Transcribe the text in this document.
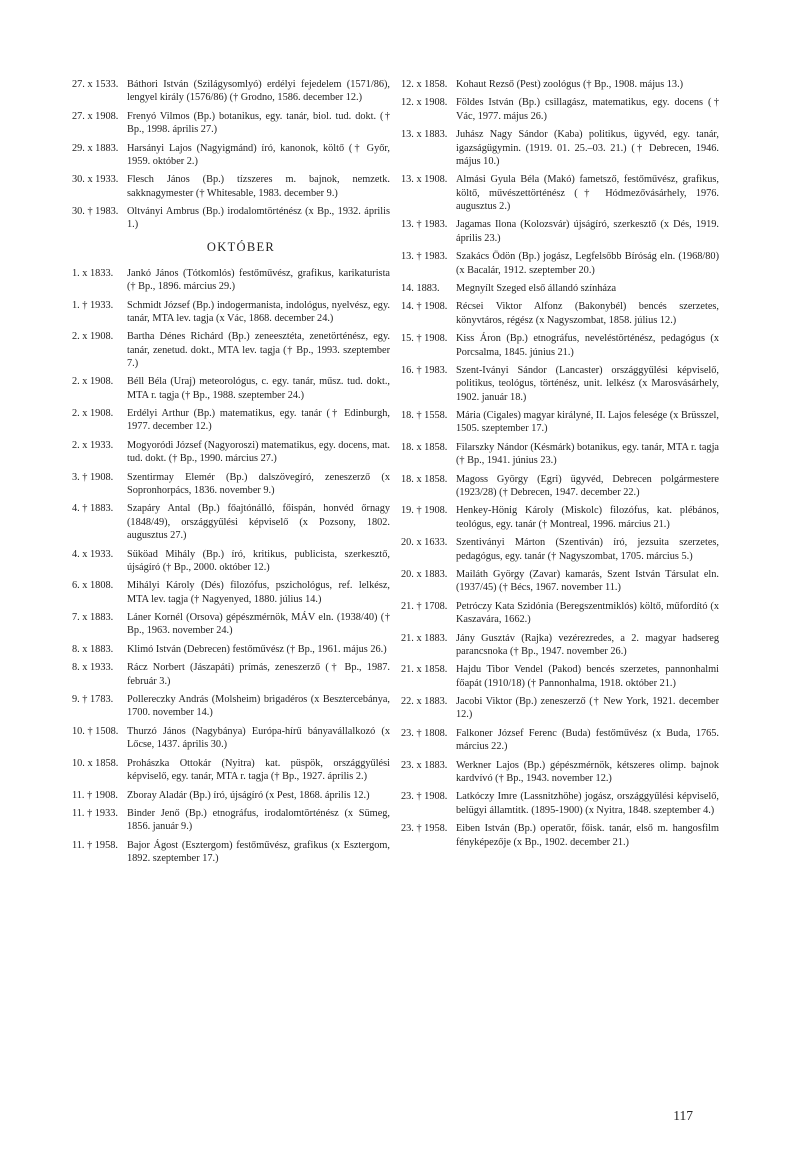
27. x 1533. Báthori István (Szilágysomlyó) erdélyi fejedelem (1571/86), lengyel király (1576/86) († Grodno, 1586. december 12.)
27. x 1908. Frenyó Vilmos (Bp.) botanikus, egy. tanár, biol. tud. dokt. († Bp., 1998. április 27.)
29. x 1883. Harsányi Lajos (Nagyigmánd) író, kanonok, költő († Győr, 1959. október 2.)
30. x 1933. Flesch János (Bp.) tízszeres m. bajnok, nemzetk. sakknagymester († Whitesable, 1983. december 9.)
30. † 1983. Oltványi Ambrus (Bp.) irodalomtörténész (x Bp., 1932. április 1.)
OKTÓBER
1. x 1833.	Jankó János (Tótkomlós) festőművész, grafikus, karikaturista († Bp., 1896. március 29.)
1. † 1933.	Schmidt József (Bp.) indogermanista, indológus, nyelvész, egy. tanár, MTA lev. tagja (x Vác, 1868. december 24.)
2. x 1908.	Bartha Dénes Richárd (Bp.) zeneesztéta, zenetörténész, egy. tanár, zenetud. dokt., MTA lev. tagja († Bp., 1993. szeptember 7.)
2. x 1908.	Béll Béla (Uraj) meteorológus, c. egy. tanár, műsz. tud. dokt., MTA r. tagja († Bp., 1988. szeptember 24.)
2. x 1908.	Erdélyi Arthur (Bp.) matematikus, egy. tanár († Edinburgh, 1977. december 12.)
2. x 1933.	Mogyoródi József (Nagyoroszi) matematikus, egy. docens, mat. tud. dokt. († Bp., 1990. március 27.)
3. † 1908.	Szentirmay Elemér (Bp.) dalszövegíró, zeneszerző (x Sopronhorpács, 1836. november 9.)
4. † 1883.	Szapáry Antal (Bp.) főajtónálló, főispán, honvéd őrnagy (1848/49), országgyűlési képviselő (x Pozsony, 1802. augusztus 27.)
4. x 1933.	Süköad Mihály (Bp.) író, kritikus, publicista, szerkesztő, újságíró († Bp., 2000. október 12.)
6. x 1808.	Mihályi Károly (Dés) filozófus, pszichológus, ref. lelkész, MTA lev. tagja († Nagyenyed, 1880. július 14.)
7. x 1883.	Láner Kornél (Orsova) gépészmérnök, MÁV eln. (1938/40) († Bp., 1963. november 24.)
8. x 1883.	Klimó István (Debrecen) festőművész († Bp., 1961. május 26.)
8. x 1933.	Rácz Norbert (Jászapáti) prímás, zeneszerző († Bp., 1987. február 3.)
9. † 1783.	Pollereczky András (Molsheim) brigadéros (x Besztercebánya, 1700. november 14.)
10. † 1508. Thurzó János (Nagybánya) Európa-hírű bányavállalkozó (x Lőcse, 1437. április 30.)
10. x 1858. Prohászka Ottokár (Nyitra) kat. püspök, országgyűlési képviselő, egy. tanár, MTA r. tagja († Bp., 1927. április 2.)
11. † 1908. Zboray Aladár (Bp.) író, újságíró (x Pest, 1868. április 12.)
11. † 1933. Binder Jenő (Bp.) etnográfus, irodalomtörténész (x Sümeg, 1856. január 9.)
11. † 1958. Bajor Ágost (Esztergom) festőművész, grafikus (x Esztergom, 1892. szeptember 17.)
12. x 1858. Kohaut Rezső (Pest) zoológus († Bp., 1908. május 13.)
12. x 1908. Földes István (Bp.) csillagász, matematikus, egy. docens († Vác, 1977. május 26.)
13. x 1883. Juhász Nagy Sándor (Kaba) politikus, ügyvéd, egy. tanár, igazságügymin. (1919. 01. 25.–03. 21.) († Debrecen, 1946. május 10.)
13. x 1908. Almási Gyula Béla (Makó) fametsző, festőművész, grafikus, költő, művészettörténész († Hódmezővásárhely, 1976. augusztus 2.)
13. † 1983. Jagamas Ilona (Kolozsvár) újságíró, szerkesztő (x Dés, 1919. április 23.)
13. † 1983. Szakács Ödön (Bp.) jogász, Legfelsőbb Bíróság eln. (1968/80) (x Bacalár, 1912. szeptember 20.)
14. 1883.	Megnyílt Szeged első állandó színháza
14. † 1908. Récsei Viktor Alfonz (Bakonybél) bencés szerzetes, könyvtáros, régész (x Nagyszombat, 1858. július 12.)
15. † 1908. Kiss Áron (Bp.) etnográfus, neveléstörténész, pedagógus (x Porcsalma, 1845. június 21.)
16. † 1983. Szent-Iványi Sándor (Lancaster) országgyűlési képviselő, politikus, teológus, történész, unit. lelkész (x Marosvásárhely, 1902. január 18.)
18. † 1558. Mária (Cigales) magyar királyné, II. Lajos felesége (x Brüsszel, 1505. szeptember 17.)
18. x 1858. Filarszky Nándor (Késmárk) botanikus, egy. tanár, MTA r. tagja († Bp., 1941. június 23.)
18. x 1858. Magoss György (Egri) ügyvéd, Debrecen polgármestere (1923/28) († Debrecen, 1947. december 22.)
19. † 1908. Henkey-Hönig Károly (Miskolc) filozófus, kat. plébános, teológus, egy. tanár († Montreal, 1996. március 21.)
20. x 1633. Szentiványi Márton (Szentiván) író, jezsuita szerzetes, pedagógus, egy. tanár († Nagyszombat, 1705. március 5.)
20. x 1883. Mailáth György (Zavar) kamarás, Szent István Társulat eln. (1937/45) († Bécs, 1967. november 11.)
21. † 1708. Petróczy Kata Szidónia (Beregszentmiklós) költő, műfordító (x Kaszavára, 1662.)
21. x 1883. Jány Gusztáv (Rajka) vezérezredes, a 2. magyar hadsereg parancsnoka († Bp., 1947. november 26.)
21. x 1858. Hajdu Tibor Vendel (Pakod) bencés szerzetes, pannonhalmi főapát (1910/18) († Pannonhalma, 1918. október 21.)
22. x 1883. Jacobi Viktor (Bp.) zeneszerző († New York, 1921. december 12.)
23. † 1808. Falkoner József Ferenc (Buda) festőművész (x Buda, 1765. március 22.)
23. x 1883. Werkner Lajos (Bp.) gépészmérnök, kétszeres olimp. bajnok kardvívó († Bp., 1943. november 12.)
23. † 1908. Latkóczy Imre (Lassnitzhöhe) jogász, országgyűlési képviselő, belügyi államtitk. (1895-1900) (x Nyitra, 1848. szeptember 4.)
23. † 1958. Eiben István (Bp.) operatőr, főisk. tanár, első m. hangosfilm fényképezője (x Bp., 1902. december 21.)
117
